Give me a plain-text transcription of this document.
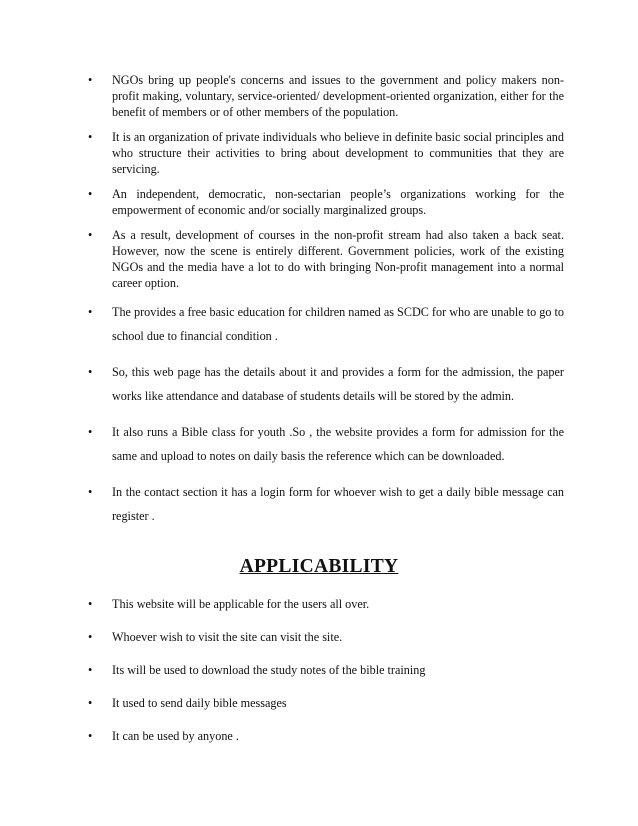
•	NGOs bring up people's concerns and issues to the government and policy makers non-profit making, voluntary, service-oriented/ development-oriented organization, either for the benefit of members or of other members of the population.
•	It is an organization of private individuals who believe in definite basic social principles and who structure their activities to bring about development to communities that they are servicing.
•	An independent, democratic, non-sectarian people’s organizations working for the empowerment of economic and/or socially marginalized groups.
•	As a result, development of courses in the non-profit stream had also taken a back seat. However, now the scene is entirely different. Government policies, work of the existing NGOs and the media have a lot to do with bringing Non-profit management into a normal career option.
•	The provides a free basic education for children named as SCDC for who are unable to go to school due to financial condition .
•	So, this web page has the details about it and provides a form for the admission, the paper works like attendance and database of students details will be stored by the admin.
•	It also runs a Bible class for youth .So , the website provides a form for admission for the same and upload to notes on daily basis the reference which can be downloaded.
•	In the contact section it has a login form for whoever wish to get a daily bible message can register .
APPLICABILITY
•	This website will be applicable for the users all over.
•	Whoever wish to visit the site can visit the site.
•	Its will be used to download the study notes of the bible training
•	It used to send daily bible messages
•	It can be used by anyone .
